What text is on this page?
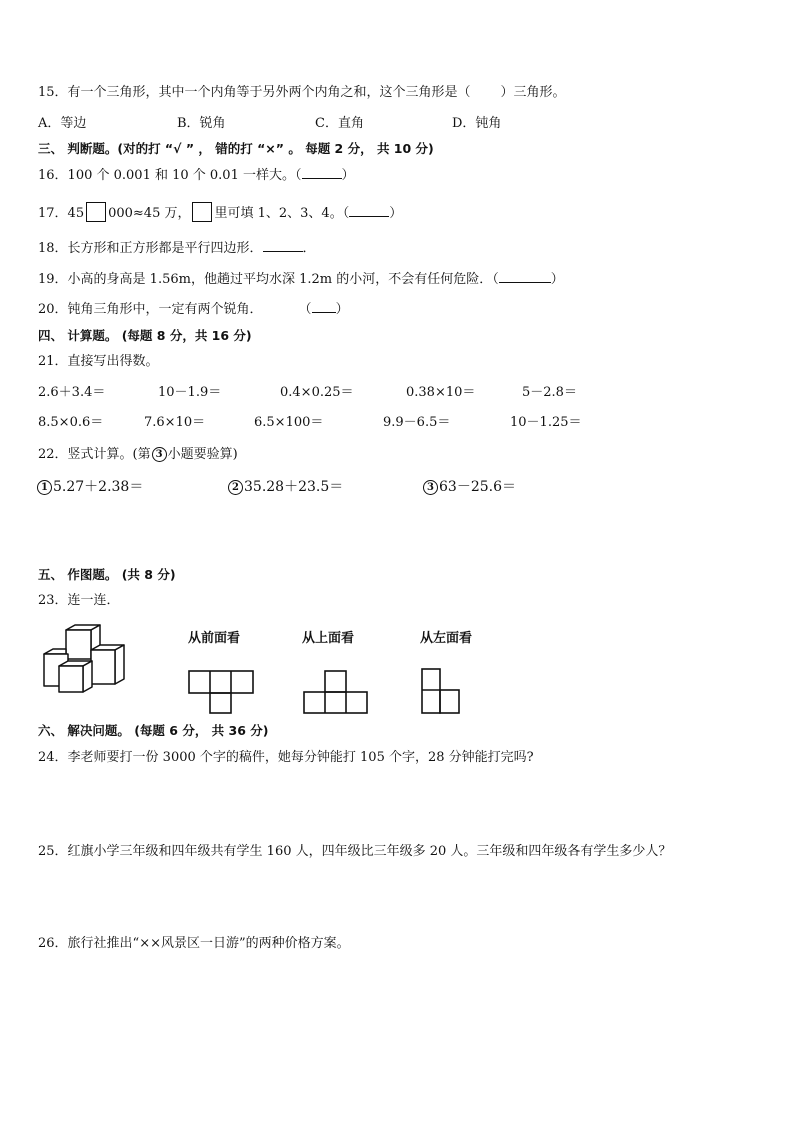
15．有一个三角形，其中一个内角等于另外两个内角之和，这个三角形是（ ）三角形。
A．等边	B．锐角	C．直角	D．钝角
三、 判断题。(对的打 “√ ” ， 错的打 “×” 。 每题 2 分， 共 10 分)
16．100 个 0.001 和 10 个 0.01 一样大。（	）
17．45 000≈45 万， 里可填 1、2、3、4。（	）
18．长方形和正方形都是平行四边形．	．
19．小高的身高是 1.56m，他趟过平均水深 1.2m 的小河，不会有任何危险．（	）
20．钝角三角形中，一定有两个锐角．	（ ）
四、 计算题。 (每题 8 分，共 16 分)
21．直接写出得数。
2.6＋3.4＝	10－1.9＝	0.4×0.25＝	0.38×10＝	5－2.8＝
8.5×0.6＝	7.6×10＝	6.5×100＝	9.9－6.5＝	10－1.25＝
22．竖式计算。(第 3 小题要验算)
1 5.27＋2.38＝	2 35.28＋23.5＝	3 63－25.6＝
五、 作图题。 (共 8 分)
23．连一连．
从前面看	从上面看	从左面看
六、 解决问题。 (每题 6 分， 共 36 分)
24．李老师要打一份 3000 个字的稿件，她每分钟能打 105 个字，28 分钟能打完吗?
25．红旗小学三年级和四年级共有学生 160 人，四年级比三年级多 20 人。三年级和四年级各有学生多少人？
26．旅行社推出“××风景区一日游”的两种价格方案。
